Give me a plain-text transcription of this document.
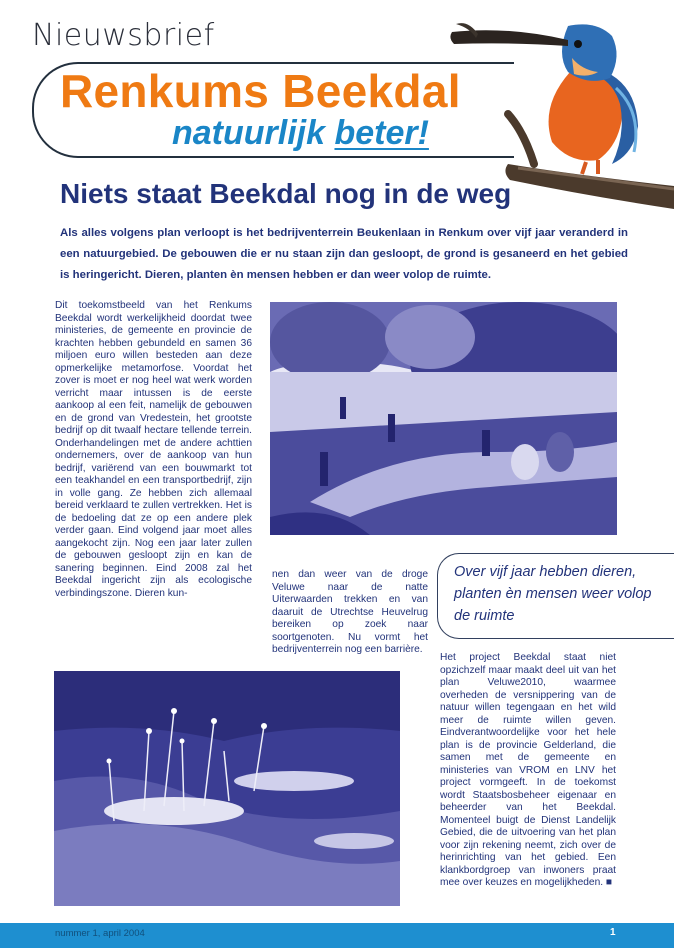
Nieuwsbrief
Renkums Beekdal
natuurlijk beter!
Niets staat Beekdal nog in de weg
Als alles volgens plan verloopt is het bedrijventerrein Beukenlaan in Renkum over vijf jaar veranderd in een natuurgebied. De gebouwen die er nu staan zijn dan gesloopt, de grond is gesaneerd en het gebied is heringericht. Dieren, planten èn mensen hebben er dan weer volop de ruimte.
Dit toekomstbeeld van het Renkums Beekdal wordt werkelijkheid doordat twee ministeries, de gemeente en provincie de krachten hebben gebundeld en samen 36 miljoen euro willen besteden aan deze opmerkelijke metamorfose. Voordat het zover is moet er nog heel wat werk worden verricht maar intussen is de eerste aankoop al een feit, namelijk de gebouwen en de grond van Vredestein, het grootste bedrijf op dit twaalf hectare tellende terrein. Onderhandelingen met de andere achttien ondernemers, over de aankoop van hun bedrijf, variërend van een bouwmarkt tot een teakhandel en een transportbedrijf, zijn in volle gang. Ze hebben zich allemaal bereid verklaard te zullen vertrekken. Het is de bedoeling dat ze op een andere plek verder gaan. Eind volgend jaar moet alles aangekocht zijn. Nog een jaar later zullen de gebouwen gesloopt zijn en kan de sanering beginnen. Eind 2008 zal het Beekdal ingericht zijn als ecologische verbindingszone. Dieren kun-
nen dan weer van de droge Veluwe naar de natte Uiterwaarden trekken en van daaruit de Utrechtse Heuvelrug bereiken op zoek naar soortgenoten. Nu vormt het bedrijventerrein nog een barrière.
Over vijf jaar hebben dieren, planten èn mensen weer volop de ruimte
Het project Beekdal staat niet opzichzelf maar maakt deel uit van het plan Veluwe2010, waarmee overheden de versnippering van de natuur willen tegengaan en het wild meer de ruimte willen geven. Eindverantwoordelijke voor het hele plan is de provincie Gelderland, die samen met de gemeente en ministeries van VROM en LNV het project vormgeeft. In de toekomst wordt Staatsbosbeheer eigenaar en beheerder van het Beekdal. Momenteel buigt de Dienst Landelijk Gebied, die de uitvoering van het plan voor zijn rekening neemt, zich over de herinrichting van het gebied. Een klankbordgroep van inwoners praat mee over keuzes en mogelijkheden. ■
nummer 1, april 2004	1
